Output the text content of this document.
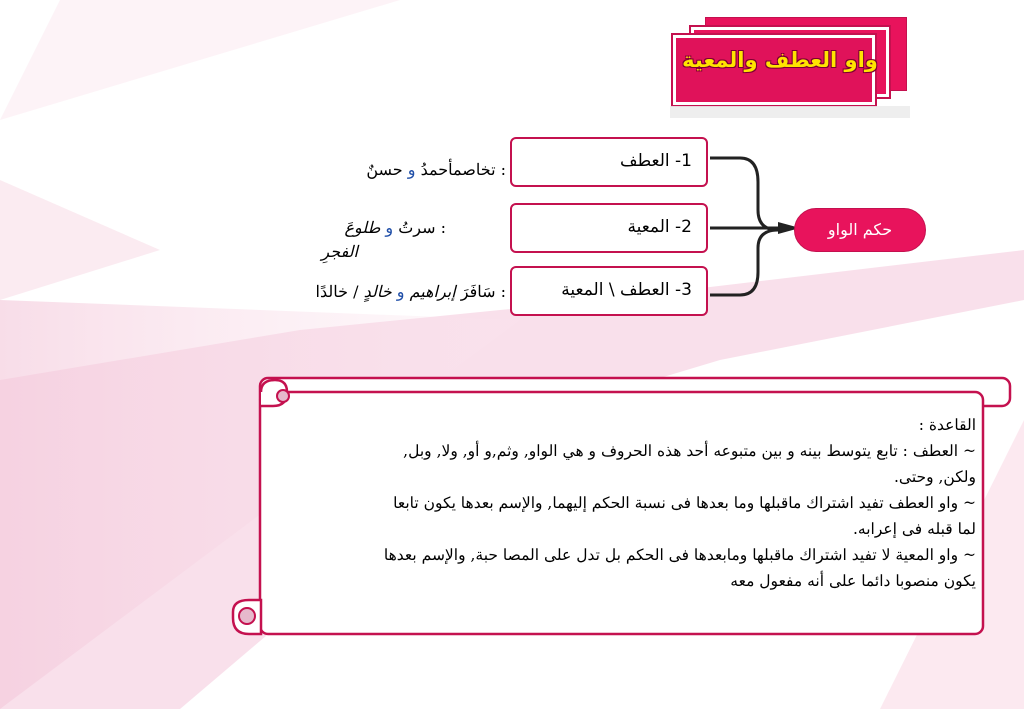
واو العطف والمعية
1- العطف
2- المعية
3- العطف \ المعية
حكم الواو
: تخاصمأحمدُ و حسنٌ
: سرتُ و طلوعَ
الفجرِ
: سَافَرَ إبراهيم و خالدٍ / خالدًا

القاعدة :

~ العطف : تابع يتوسط بينه و بين متبوعه أحد هذه الحروف و هي الواو, وثم,و أو, ولا, وبل,

ولكن, وحتى.

~ واو العطف تفيد اشتراك ماقبلها وما بعدها فى نسبة الحكم إليهما, والإسم بعدها يكون تابعا

لما قبله فى إعرابه.

~ واو المعية لا تفيد اشتراك ماقبلها ومابعدها فى الحكم بل تدل على المصا حبة, والإسم بعدها

يكون منصوبا دائما على أنه مفعول معه
